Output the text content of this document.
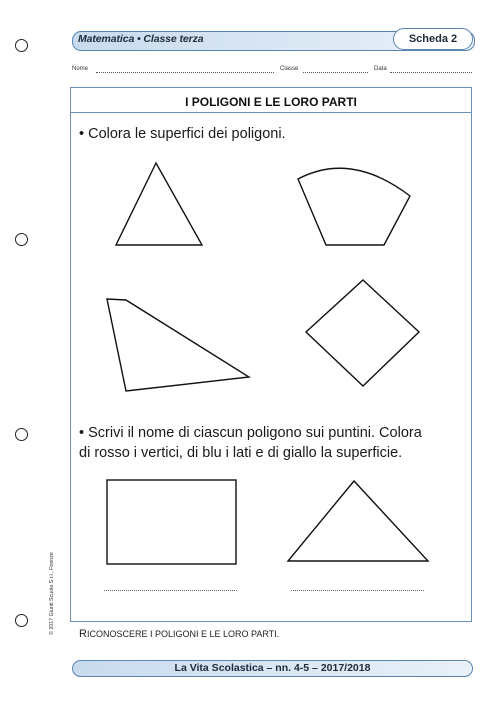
Matematica • Classe terza	Scheda 2
Nome	Classe	Data
I POLIGONI E LE LORO PARTI
• Colora le superfici dei poligoni.
• Scrivi il nome di ciascun poligono sui puntini. Colora
di rosso i vertici, di blu i lati e di giallo la superficie.
RICONOSCERE I POLIGONI E LE LORO PARTI.
© 2017 Giunti Scuola S.r.l., Firenze
La Vita Scolastica – nn. 4-5 – 2017/2018
